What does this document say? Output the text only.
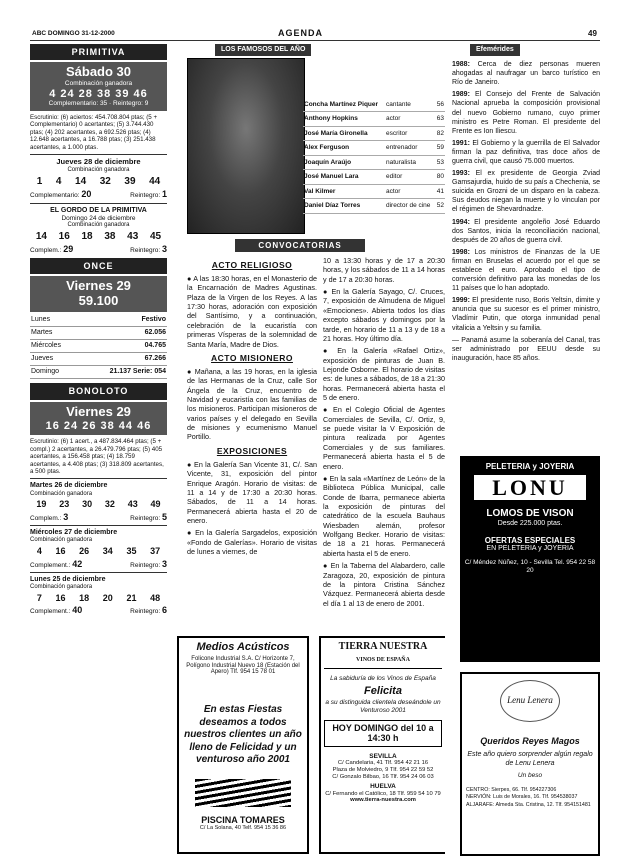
ABC DOMINGO 31-12-2000	AGENDA	49
PRIMITIVA
Sábado 30
Combinación ganadora
4 24 28 38 39 46
Complementario: 35 · Reintegro: 9
Escrutinio: (6) aciertos: 454.708.804 ptas; (5 + Complementario) 0 acertantes; (5) 3.744.430 ptas; (4) 202 acertantes, a 692.526 ptas; (4) 12.648 acertantes, a 16.788 ptas; (3) 251.438 acertantes, a 1.000 ptas.
Jueves 28 de diciembre
Combinación ganadora
1 4 14 32 39 44
Complementario: 20	Reintegro: 1
EL GORDO DE LA PRIMITIVA
Domingo 24 de diciembre
Combinación ganadora
14 16 18 38 43 45
Complem.: 29	Reintegro: 3
ONCE
Viernes 29
59.100
Lunes	Festivo
Martes	62.056
Miércoles	04.765
Jueves	67.266
Domingo	21.137 Serie: 054
BONOLOTO
Viernes 29
16 24 26 38 44 46
Escrutinio: (6) 1 acert., a 487.834.464 ptas; (5 + compl.) 2 acertantes, a 26.479.796 ptas; (5) 405 acertantes, a 156.458 ptas; (4) 18.759 acertantes, a 4.408 ptas; (3) 318.809 acertantes, a 500 ptas.
Martes 26 de diciembre
Combinación ganadora
19 23 30 32 43 49
Complem.: 3	Reintegro: 5
Miércoles 27 de diciembre
Combinación ganadora
4 16 26 34 35 37
Complement.: 42	Reintegro: 3
Lunes 25 de diciembre
Combinación ganadora
7 16 18 20 21 48
Complement.: 40	Reintegro: 6
LOS FAMOSOS DEL AÑO
Concha Martínez Piquer	cantante	56
Anthony Hopkins	actor	63
José María Gironella	escritor	82
Alex Ferguson	entrenador	59
Joaquín Araújo	naturalista	53
José Manuel Lara	editor	80
Val Kilmer	actor	41
Daniel Díaz Torres	director de cine	52
CONVOCATORIAS
ACTO RELIGIOSO
● A las 18:30 horas, en el Monasterio de la Encarnación de Madres Agustinas. Plaza de la Virgen de los Reyes. A las 17:30 horas, adoración con exposición del Santísimo, y a continuación, celebración de la eucaristía con primeras Vísperas de la solemnidad de Santa María, Madre de Dios.
ACTO MISIONERO
● Mañana, a las 19 horas, en la iglesia de las Hermanas de la Cruz, calle Sor Ángela de la Cruz, encuentro de Navidad y eucaristía con las familias de los misioneros. Participan misioneros de varios países y el delegado en Sevilla de misiones y ecumenismo Manuel Portillo.
EXPOSICIONES
● En la Galería San Vicente 31, C/. San Vicente, 31, exposición del pintor Enrique Aragón. Horario de visitas: de 11 a 14 y de 17:30 a 20:30 horas. Sábados, de 11 a 14 horas. Permanecerá abierta hasta el 20 de enero.
● En la Galería Sargadelos, exposición «Fondo de Galerías». Horario de visitas de lunes a viernes, de
10 a 13:30 horas y de 17 a 20:30 horas, y los sábados de 11 a 14 horas y de 17 a 20:30 horas.
● En la Galería Sayago, C/. Cruces, 7, exposición de Almudena de Miguel «Emociones». Abierta todos los días excepto sábados y domingos por la tarde, en horario de 11 a 13 y de 18 a 21 horas. Hoy último día.
● En la Galería «Rafael Ortiz», exposición de pinturas de Juan B. Lejonde Osborne. El horario de visitas es: de lunes a sábados, de 18 a 21:30 horas. Permanecerá abierta hasta el 5 de enero.
● En el Colegio Oficial de Agentes Comerciales de Sevilla, C/. Ortiz, 9, se puede visitar la V Exposición de pintura realizada por Agentes Comerciales y de sus familiares. Permanecerá abierta hasta el 5 de enero.
● En la sala «Martínez de León» de la Biblioteca Pública Municipal, calle Conde de Ibarra, permanece abierta la exposición de pinturas del catedrático de la escuela Bauhaus Wiesbaden alemán, profesor Wolfgang Becker. Horario de visitas: de 18 a 21 horas. Permanecerá abierta hasta el 5 de enero.
● En la Taberna del Alabardero, calle Zaragoza, 20, exposición de pintura de la pintora Cristina Sánchez Vázquez. Permanecerá abierta desde el día 1 al 13 de enero de 2001.
Medios Acústicos
Folicone Industrial S.A. C/ Horizonte 7, Polígono Industrial Nuevo 18 (Estación del Apero) Tlf. 954 15 78 01
En estas Fiestas deseamos a todos nuestros clientes un año lleno de Felicidad y un venturoso año 2001
PISCINA TOMARES
C/ La Solana, 40 Telf. 954 15 36 86
TIERRA NUESTRA
VINOS DE ESPAÑA
La sabiduría de los Vinos de España
Felicita
a su distinguida clientela deseándole un Venturoso 2001
HOY DOMINGO del 10 a 14:30 h
SEVILLA
C/ Candelaria, 41 Tlf. 954 42 21 16
Plaza de Molviedro, 9 Tlf. 954 22 59 52
C/ Gonzalo Bilbao, 16 Tlf. 954 24 06 03
HUELVA
C/ Fernando el Católico, 18 Tlf. 959 54 10 79
www.tierra-nuestra.com
Efemérides
1988: Cerca de diez personas mueren ahogadas al naufragar un barco turístico en Río de Janeiro.
1989: El Consejo del Frente de Salvación Nacional aprueba la composición provisional del nuevo Gobierno rumano, cuyo primer ministro es Petre Roman. El presidente del Frente es Ion Iliescu.
1991: El Gobierno y la guerrilla de El Salvador firman la paz definitiva, tras doce años de guerra civil, que causó 75.000 muertos.
1993: El ex presidente de Georgia Zviad Gamsajurdia, huido de su país a Chechenia, se suicida en Grozni de un disparo en la cabeza. Sus deudos niegan la muerte y lo vinculan por el régimen de Shevardnadze.
1994: El presidente angoleño José Eduardo dos Santos, inicia la reconciliación nacional, después de 20 años de guerra civil.
1998: Los ministros de Finanzas de la UE firman en Bruselas el acuerdo por el que se establece el euro. Aprobado el tipo de conversión definitivo para las monedas de los 11 países que lo han adoptado.
1999: El presidente ruso, Boris Yeltsin, dimite y anuncia que su sucesor es el primer ministro, Vladímir Putin, que otorga inmunidad penal vitalicia a Yeltsin y su familia.
— Panamá asume la soberanía del Canal, tras ser administrado por EEUU desde su inauguración, hace 85 años.
PELETERIA y JOYERIA
LONU
LOMOS DE VISON
Desde 225.000 ptas.
OFERTAS ESPECIALES
EN PELETERIA y JOYERIA
C/ Méndez Núñez, 10 - Sevilla Tel. 954 22 58 20
Lenu Lenera
Queridos Reyes Magos
Este año quiero sorprender algún regalo de Lenu Lenera
Un beso
CENTRO: Sierpes, 66. Tlf. 954227306
NERVIÓN: Luis de Morales, 16. Tlf. 954538037
ALJARAFE: Almeda Sta. Cristina, 12. Tlf. 954151481
